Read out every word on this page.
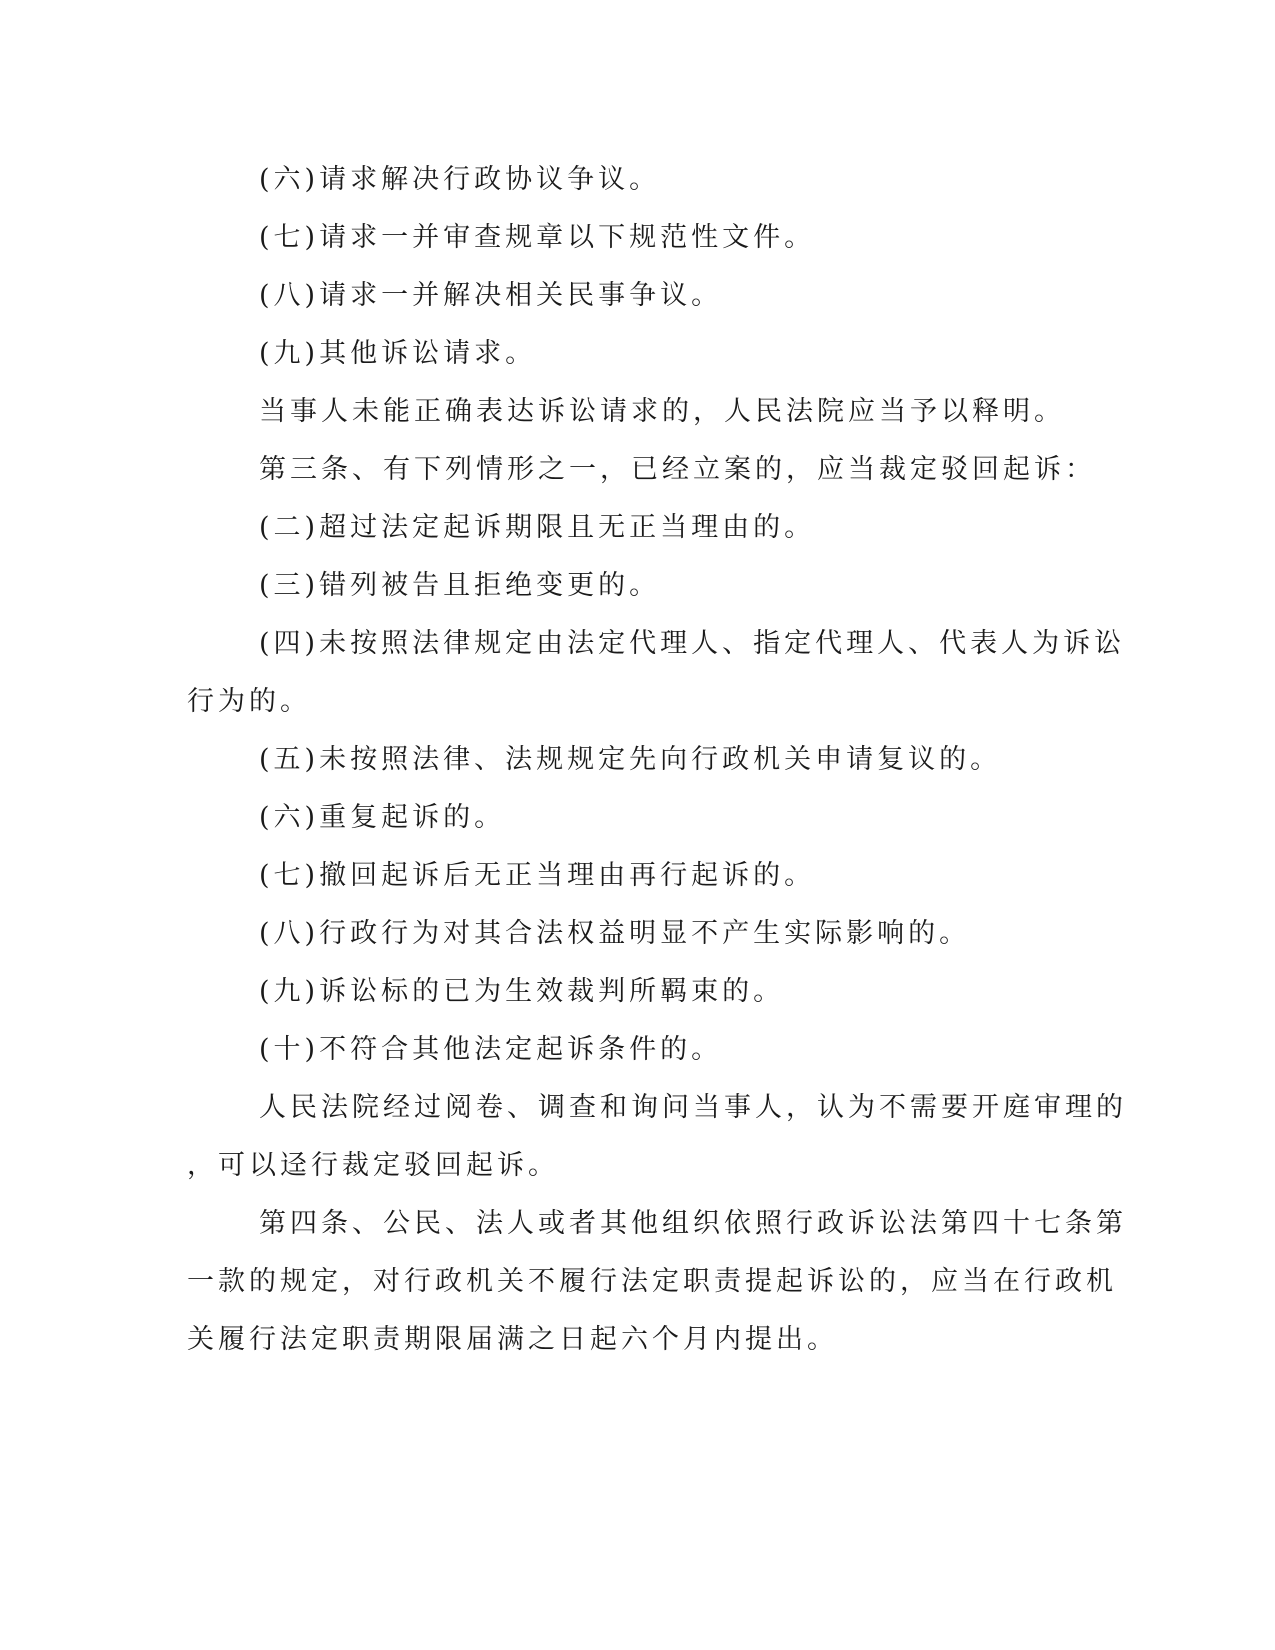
(六)请求解决行政协议争议。
(七)请求一并审查规章以下规范性文件。
(八)请求一并解决相关民事争议。
(九)其他诉讼请求。
当事人未能正确表达诉讼请求的，人民法院应当予以释明。
第三条、有下列情形之一，已经立案的，应当裁定驳回起诉：
(二)超过法定起诉期限且无正当理由的。
(三)错列被告且拒绝变更的。
(四)未按照法律规定由法定代理人、指定代理人、代表人为诉讼
行为的。
(五)未按照法律、法规规定先向行政机关申请复议的。
(六)重复起诉的。
(七)撤回起诉后无正当理由再行起诉的。
(八)行政行为对其合法权益明显不产生实际影响的。
(九)诉讼标的已为生效裁判所羁束的。
(十)不符合其他法定起诉条件的。
人民法院经过阅卷、调查和询问当事人，认为不需要开庭审理的
，可以迳行裁定驳回起诉。
第四条、公民、法人或者其他组织依照行政诉讼法第四十七条第
一款的规定，对行政机关不履行法定职责提起诉讼的，应当在行政机
关履行法定职责期限届满之日起六个月内提出。
